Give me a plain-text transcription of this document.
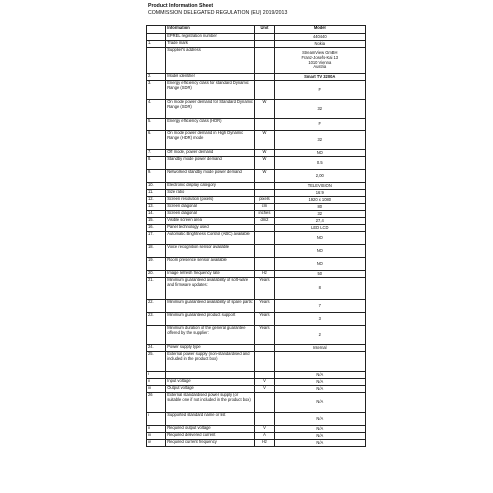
Product Information Sheet
COMMISSION DELEGATED REGULATION (EU) 2019/2013
	Information	Unit	Model
	EPREL registration number		440440
1.	Trade mark		Nokia
	Supplier's address		StreamView GmBH
Franz-Josefs-Kai 13
1010 Vienna
Austria
2.	Model identifier		Smart TV 3200A
3.	Energy efficiency class for standard Dynamic Range (SDR)		F
4.	On mode power demand for Standard Dynamic Range (SDR)	W	32
5.	Energy efficiency class (HDR)		F
6.	On mode power demand in High Dynamic Range (HDR) mode	W	32
7.	Off mode, power demand	W	NO
8.	Standby mode power demand	W	0.5
9.	Networked standby mode power demand	W	2,00
10.	Electronic display category		TELEVISION
11.	Size ratio		16:9
12.	Screen resolution (pixels)	pixels	1920 x 1080
13.	Screen diagonal	cm	80
14.	Screen diagonal	inches	32
15.	Visible screen area	dm2	27,4
16.	Panel technology used		LED LCD
17.	Automatic Brightness Control (ABC) available		NO
18.	Voice recognition sensor available		NO
19.	Room presence sensor available		NO
20.	Image refresh frequency rate	Hz	50
21.	Minimum guaranteed availability of soft-ware and firmware updates:	Years	8
22.	Minimum guaranteed availability of spare parts:	Years	7
23.	Minimum guaranteed product support	Years	3
	Minimum duration of the general guarantee offered by the supplier:	Years	2
24.	Power supply type		Internal
25.	External power supply (non-standardised and included in the product box)		
i			N/A
ii	Input voltage	V	N/A
iii	Output voltage	V	N/A
26	External standardised power supply (or suitable one if not included in the product box)		N/A
i	Supported standard name or list		N/A
ii	Required output voltage	V	N/A
iii	Required delivered current	A	N/A
iv	Required current frequency	Hz	N/A
